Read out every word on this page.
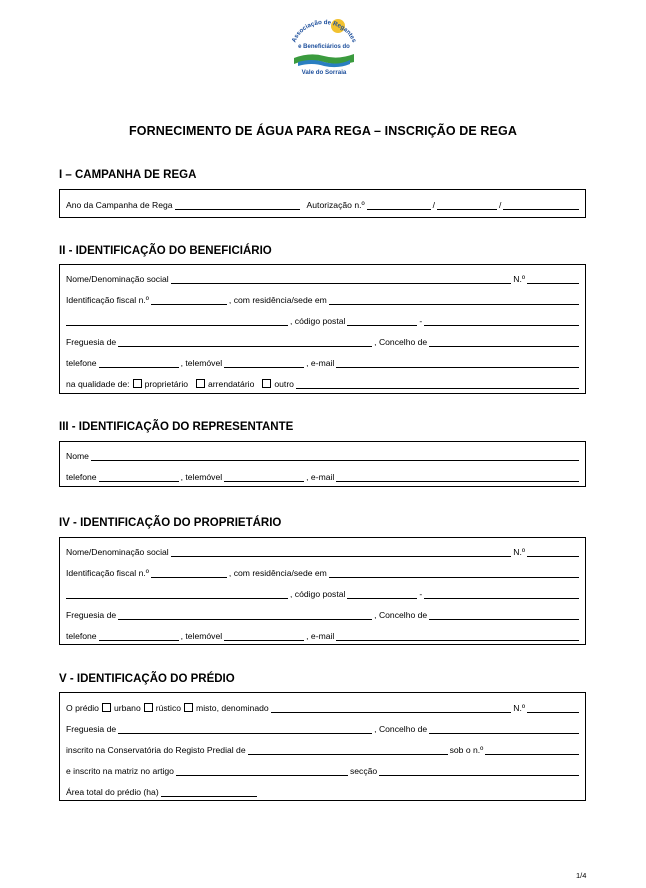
Associação de Regantes
e Beneficiários do
Vale do Sorraia
FORNECIMENTO DE ÁGUA PARA REGA – INSCRIÇÃO DE REGA
I – CAMPANHA DE REGA
Ano da Campanha de Rega	Autorização n.º	/	/
II - IDENTIFICAÇÃO DO BENEFICIÁRIO
Nome/Denominação social	N.º
Identificação fiscal n.º	, com residência/sede em
, código postal	-
Freguesia de	, Concelho de
telefone	, telemóvel	, e-mail
na qualidade de: proprietário arrendatário outro
III - IDENTIFICAÇÃO DO REPRESENTANTE
Nome
telefone	, telemóvel	, e-mail
IV - IDENTIFICAÇÃO DO PROPRIETÁRIO
Nome/Denominação social	N.º
Identificação fiscal n.º	, com residência/sede em
, código postal	-
Freguesia de	, Concelho de
telefone	, telemóvel	, e-mail
V - IDENTIFICAÇÃO DO PRÉDIO
O prédio urbano rústico misto, denominado	N.º
Freguesia de	, Concelho de
inscrito na Conservatória do Registo Predial de	sob o n.º
e inscrito na matriz no artigo	secção
Área total do prédio (ha)
1/4
